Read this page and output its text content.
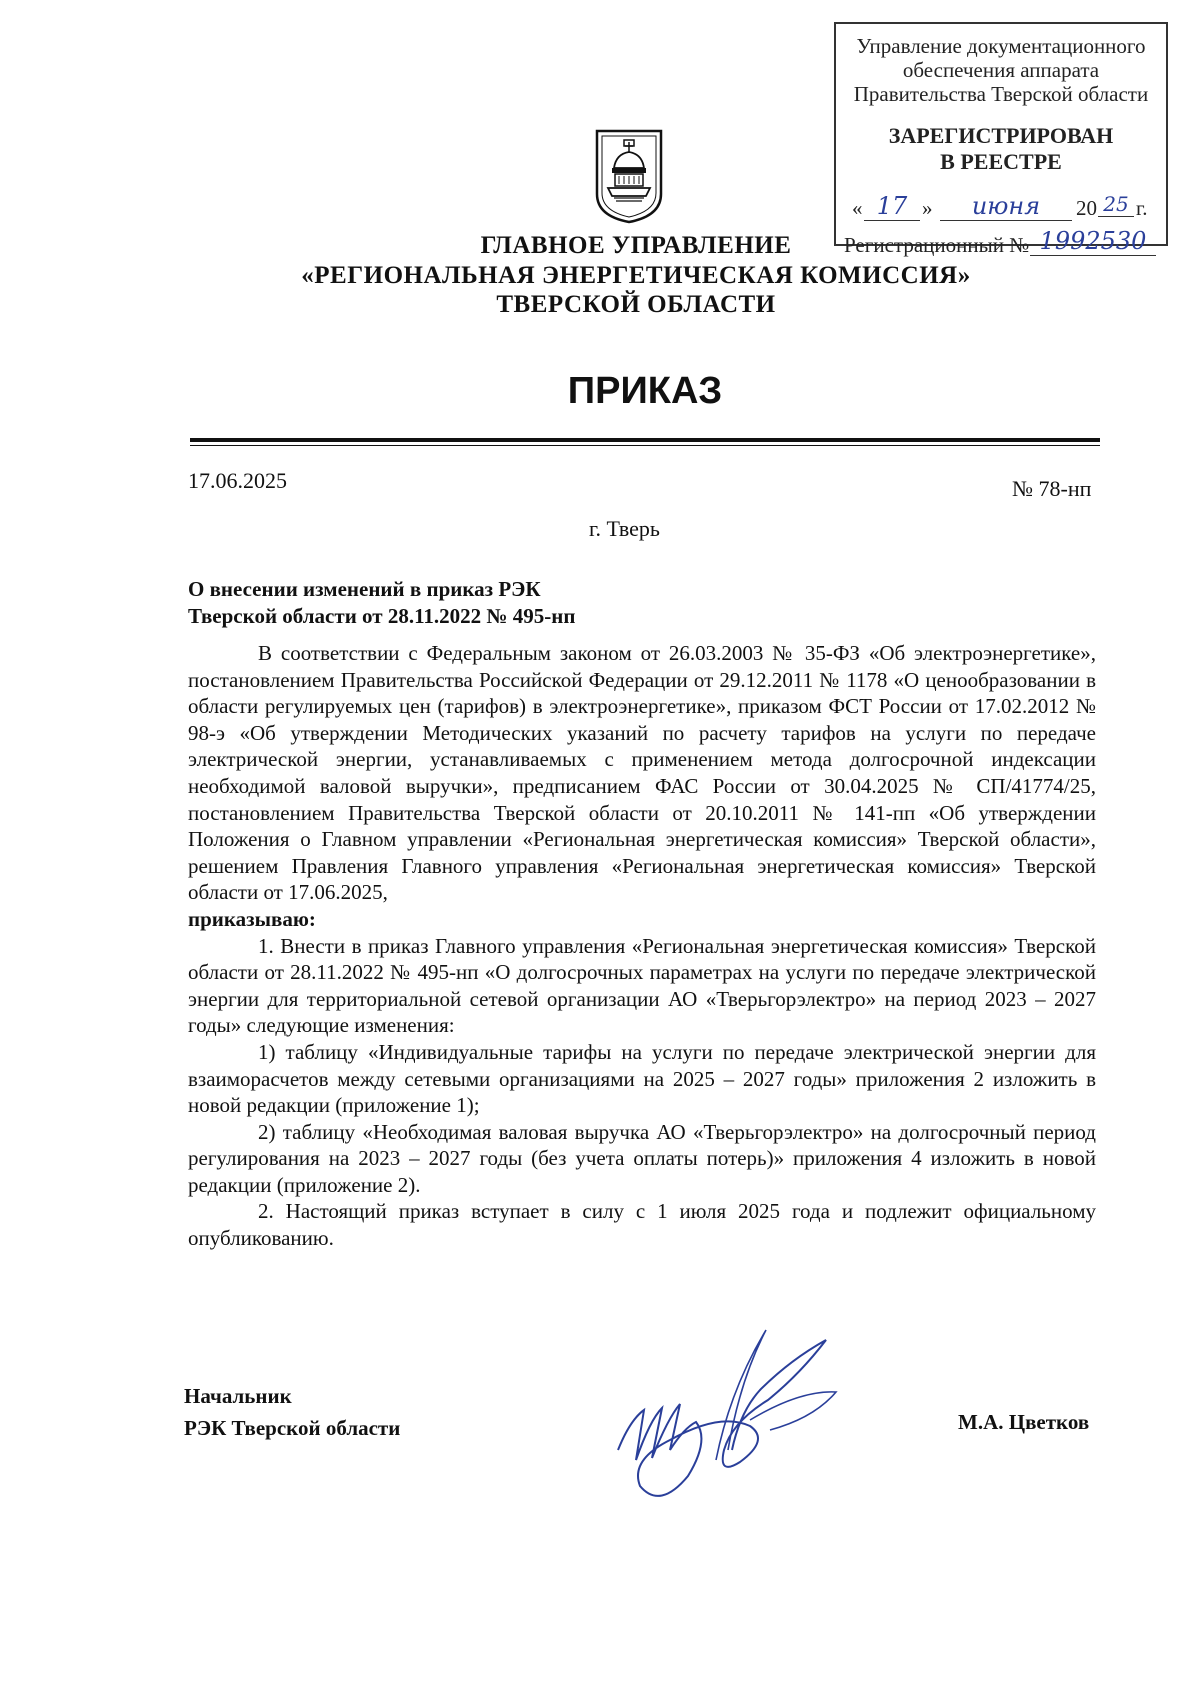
Управление документационного
обеспечения аппарата
Правительства Тверской области
ЗАРЕГИСТРИРОВАН
В РЕЕСТРЕ
« 17 »	июня	20 25 г.
Регистрационный № 1992530
ГЛАВНОЕ УПРАВЛЕНИЕ
«РЕГИОНАЛЬНАЯ ЭНЕРГЕТИЧЕСКАЯ КОМИССИЯ»
ТВЕРСКОЙ ОБЛАСТИ
ПРИКАЗ
17.06.2025	№ 78-нп
г. Тверь
О внесении изменений в приказ РЭК
Тверской области от 28.11.2022 № 495-нп

В соответствии с Федеральным законом от 26.03.2003 № 35-ФЗ «Об электроэнергетике», постановлением Правительства Российской Федерации от 29.12.2011 № 1178 «О ценообразовании в области регулируемых цен (тарифов) в электроэнергетике», приказом ФСТ России от 17.02.2012 № 98-э «Об утверждении Методических указаний по расчету тарифов на услуги по передаче электрической энергии, устанавливаемых с применением метода долгосрочной индексации необходимой валовой выручки», предписанием ФАС России от 30.04.2025 № СП/41774/25, постановлением Правительства Тверской области от 20.10.2011 № 141-пп «Об утверждении Положения о Главном управлении «Региональная энергетическая комиссия» Тверской области», решением Правления Главного управления «Региональная энергетическая комиссия» Тверской области от 17.06.2025,

приказываю:

1. Внести в приказ Главного управления «Региональная энергетическая комиссия» Тверской области от 28.11.2022 № 495-нп «О долгосрочных параметрах на услуги по передаче электрической энергии для территориальной сетевой организации АО «Тверьгорэлектро» на период 2023 – 2027 годы» следующие изменения:

1) таблицу «Индивидуальные тарифы на услуги по передаче электрической энергии для взаиморасчетов между сетевыми организациями на 2025 – 2027 годы» приложения 2 изложить в новой редакции (приложение 1);

2) таблицу «Необходимая валовая выручка АО «Тверьгорэлектро» на долгосрочный период регулирования на 2023 – 2027 годы (без учета оплаты потерь)» приложения 4 изложить в новой редакции (приложение 2).

2. Настоящий приказ вступает в силу с 1 июля 2025 года и подлежит официальному опубликованию.

Начальник
РЭК Тверской области	М.А. Цветков
